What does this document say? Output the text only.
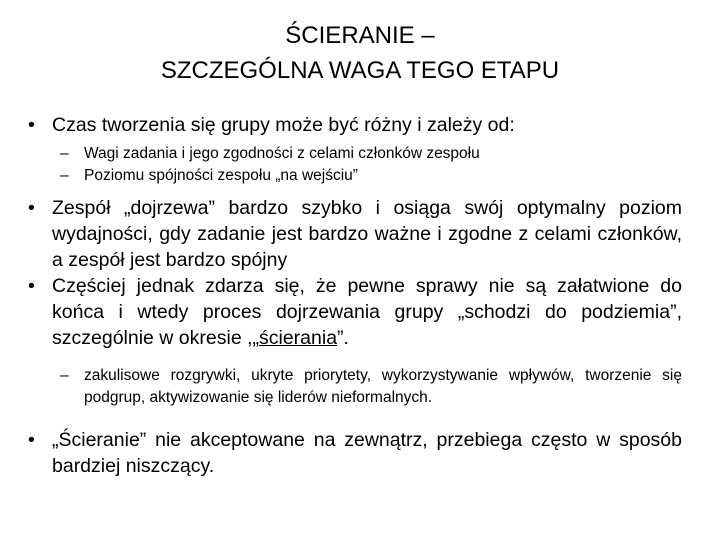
ŚCIERANIE –
SZCZEGÓLNA WAGA TEGO ETAPU
• Czas tworzenia się grupy może być różny i zależy od:
– Wagi zadania i jego zgodności z celami członków zespołu
– Poziomu spójności zespołu „na wejściu”
• Zespół „dojrzewa” bardzo szybko i osiąga swój optymalny poziom wydajności, gdy zadanie jest bardzo ważne i zgodne z celami członków, a zespół jest bardzo spójny
• Częściej jednak zdarza się, że pewne sprawy nie są załatwione do końca i wtedy proces dojrzewania grupy „schodzi do podziemia”, szczególnie w okresie ,„ścierania”.
– zakulisowe rozgrywki, ukryte priorytety, wykorzystywanie wpływów, tworzenie się podgrup, aktywizowanie się liderów nieformalnych.
• „Ścieranie” nie akceptowane na zewnątrz, przebiega często w sposób bardziej niszczący.
